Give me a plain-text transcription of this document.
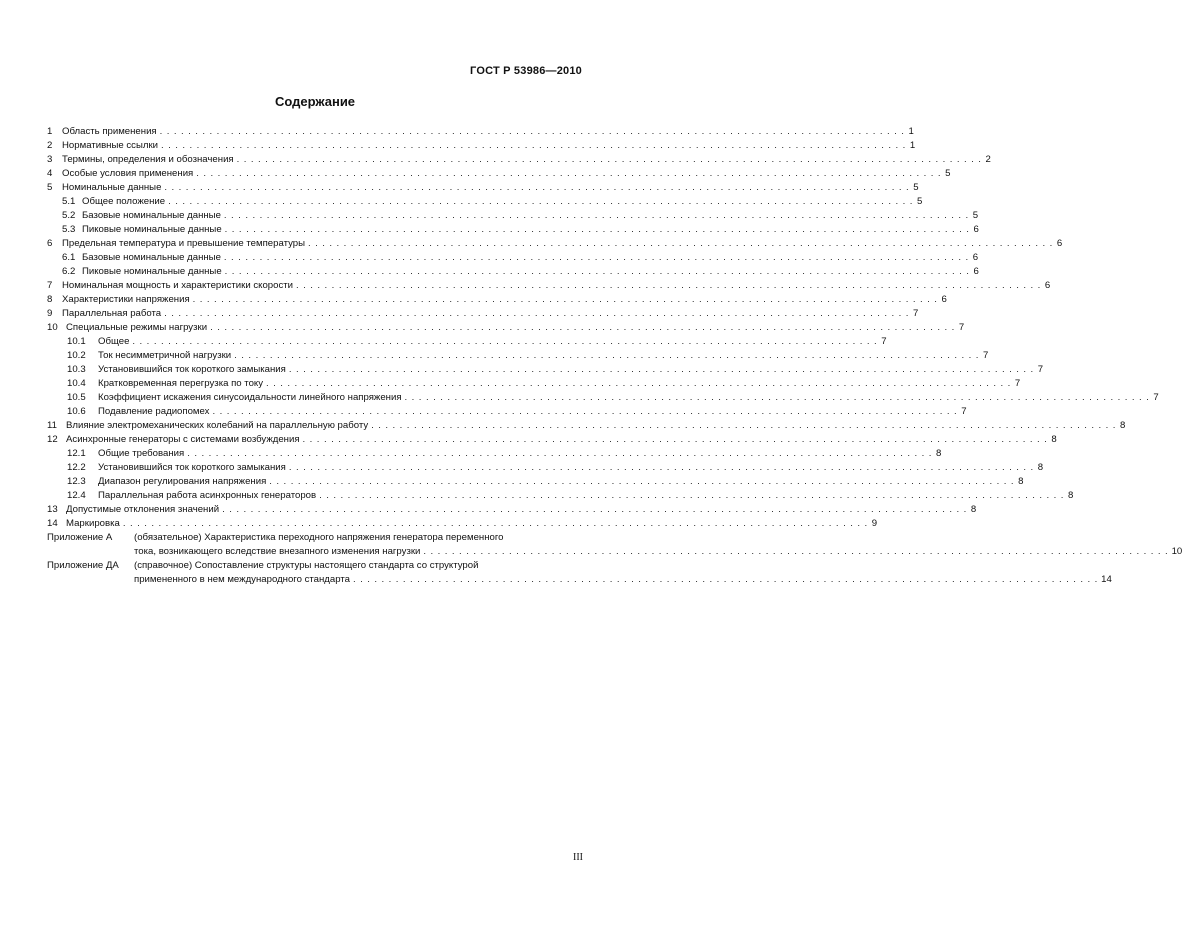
ГОСТ Р 53986—2010
Содержание
1	Область применения . . .	1
2	Нормативные ссылки . . .	1
3	Термины, определения и обозначения . . .	2
4	Особые условия применения . . .	5
5	Номинальные данные . . .	5
5.1 Общее положение . . .	5
5.2 Базовые номинальные данные . . .	5
5.3 Пиковые номинальные данные . . .	6
6	Предельная температура и превышение температуры . . .	6
6.1 Базовые номинальные данные . . .	6
6.2 Пиковые номинальные данные . . .	6
7	Номинальная мощность и характеристики скорости . . .	6
8	Характеристики напряжения . . .	6
9	Параллельная работа . . .	7
10 Специальные режимы нагрузки . . .	7
10.1	Общее . . .	7
10.2	Ток несимметричной нагрузки . . .	7
10.3	Установившийся ток короткого замыкания . . .	7
10.4	Кратковременная перегрузка по току . . .	7
10.5	Коэффициент искажения синусоидальности линейного напряжения . . .	7
10.6	Подавление радиопомех . . .	7
11 Влияние электромеханических колебаний на параллельную работу . . .	8
12 Асинхронные генераторы с системами возбуждения . . .	8
12.1	Общие требования . . .	8
12.2	Установившийся ток короткого замыкания . . .	8
12.3	Диапазон регулирования напряжения . . .	8
12.4	Параллельная работа асинхронных генераторов . . .	8
13 Допустимые отклонения значений . . .	8
14 Маркировка . . .	9
Приложение А	(обязательное) Характеристика переходного напряжения генератора переменного
тока, возникающего вследствие внезапного изменения нагрузки . . .	10
Приложение ДА	(справочное) Сопоставление структуры настоящего стандарта со структурой
примененного в нем международного стандарта . . .	14
III
